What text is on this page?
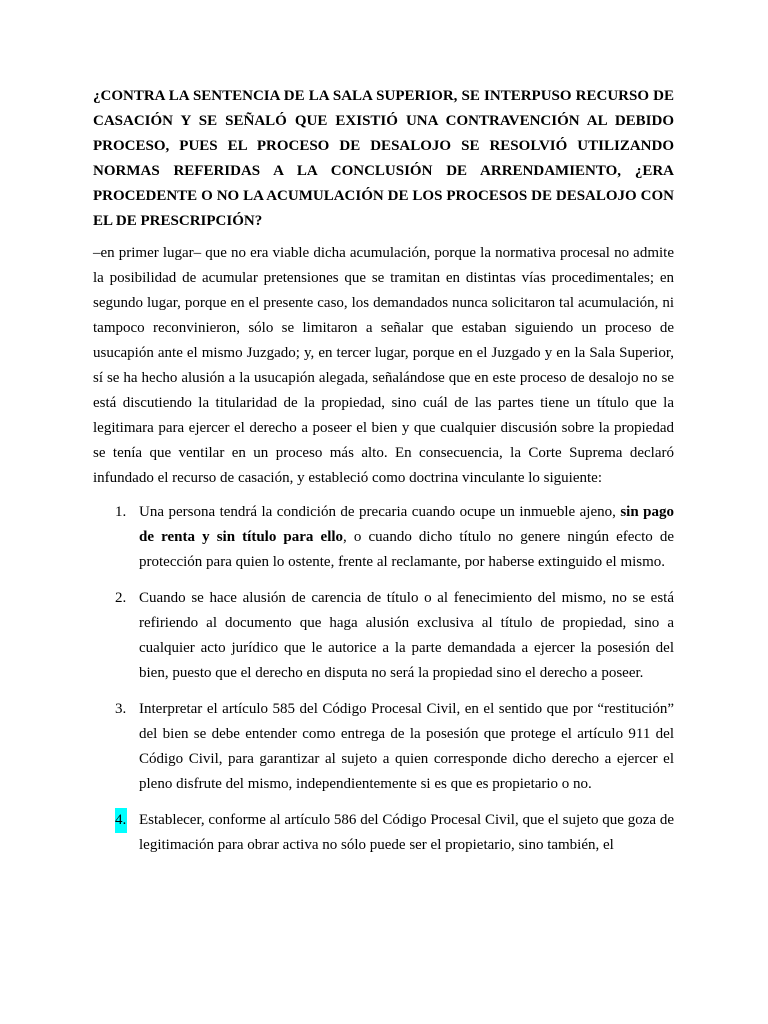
¿CONTRA LA SENTENCIA DE LA SALA SUPERIOR, SE INTERPUSO RECURSO DE CASACIÓN Y SE SEÑALÓ QUE EXISTIÓ UNA CONTRAVENCIÓN AL DEBIDO PROCESO, PUES EL PROCESO DE DESALOJO SE RESOLVIÓ UTILIZANDO NORMAS REFERIDAS A LA CONCLUSIÓN DE ARRENDAMIENTO, ¿ERA PROCEDENTE O NO LA ACUMULACIÓN DE LOS PROCESOS DE DESALOJO CON EL DE PRESCRIPCIÓN?

–en primer lugar– que no era viable dicha acumulación, porque la normativa procesal no admite la posibilidad de acumular pretensiones que se tramitan en distintas vías procedimentales; en segundo lugar, porque en el presente caso, los demandados nunca solicitaron tal acumulación, ni tampoco reconvinieron, sólo se limitaron a señalar que estaban siguiendo un proceso de usucapión ante el mismo Juzgado; y, en tercer lugar, porque en el Juzgado y en la Sala Superior, sí se ha hecho alusión a la usucapión alegada, señalándose que en este proceso de desalojo no se está discutiendo la titularidad de la propiedad, sino cuál de las partes tiene un título que la legitimara para ejercer el derecho a poseer el bien y que cualquier discusión sobre la propiedad se tenía que ventilar en un proceso más alto. En consecuencia, la Corte Suprema declaró infundado el recurso de casación, y estableció como doctrina vinculante lo siguiente:

1. Una persona tendrá la condición de precaria cuando ocupe un inmueble ajeno, sin pago de renta y sin título para ello, o cuando dicho título no genere ningún efecto de protección para quien lo ostente, frente al reclamante, por haberse extinguido el mismo.
2. Cuando se hace alusión de carencia de título o al fenecimiento del mismo, no se está refiriendo al documento que haga alusión exclusiva al título de propiedad, sino a cualquier acto jurídico que le autorice a la parte demandada a ejercer la posesión del bien, puesto que el derecho en disputa no será la propiedad sino el derecho a poseer.
3. Interpretar el artículo 585 del Código Procesal Civil, en el sentido que por “restitución” del bien se debe entender como entrega de la posesión que protege el artículo 911 del Código Civil, para garantizar al sujeto a quien corresponde dicho derecho a ejercer el pleno disfrute del mismo, independientemente si es que es propietario o no.
4. Establecer, conforme al artículo 586 del Código Procesal Civil, que el sujeto que goza de legitimación para obrar activa no sólo puede ser el propietario, sino también, el
